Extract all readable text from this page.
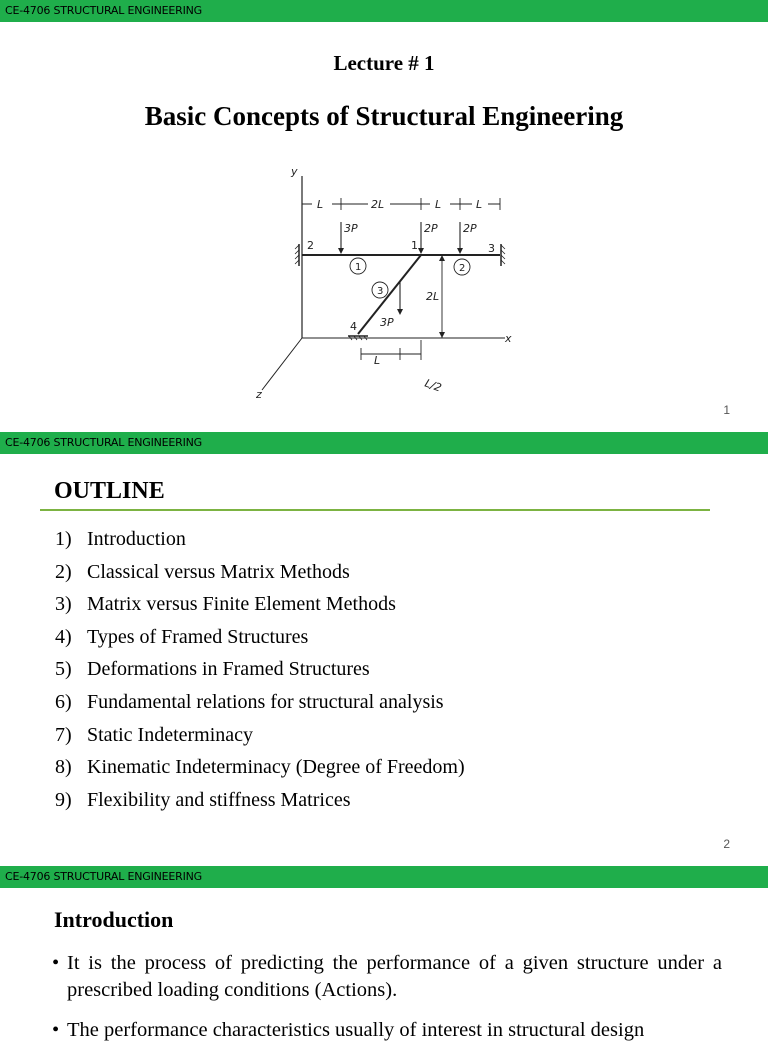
CE-4706 STRUCTURAL ENGINEERING
Lecture # 1
Basic Concepts of Structural Engineering
y
x
z
L	2L	L	L
2L
3P	2P 2P
3P
2	1	3
4
1	2
3
L
L/2
1
CE-4706 STRUCTURAL ENGINEERING
OUTLINE
1) Introduction
2) Classical versus Matrix Methods
3) Matrix versus Finite Element Methods
4) Types of Framed Structures
5) Deformations in Framed Structures
6) Fundamental relations for structural analysis
7) Static Indeterminacy
8) Kinematic Indeterminacy (Degree of Freedom)
9) Flexibility and stiffness Matrices
2
CE-4706 STRUCTURAL ENGINEERING
Introduction
• It is the process of predicting the performance of a given structure under a prescribed loading conditions (Actions).
• The performance characteristics usually of interest in structural design
